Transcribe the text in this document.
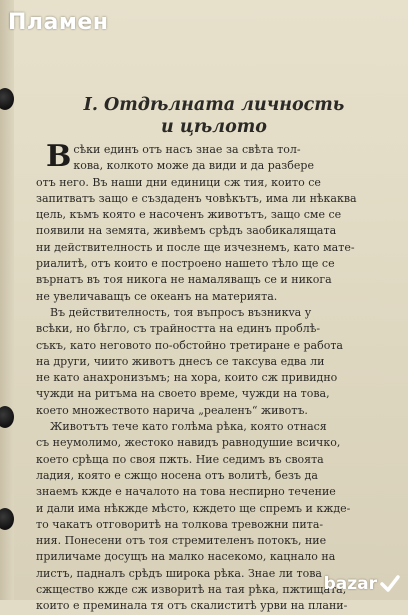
Пламен
I. Отдѣлната личность
и цѣлото
В сѣки единъ отъ насъ знае за свѣта тол-
кова, колкото може да види и да разбере
отъ него. Въ наши дни единици сж тия, които се
запитватъ защо е създаденъ човѣкътъ, има ли нѣкаква
цель, къмъ която е насоченъ животътъ, защо сме се
появили на земята, живѣемъ срѣдъ заобикалящата
ни действителность и после ще изчезнемъ, като мате-
риалитѣ, отъ които е построено нашето тѣло ще се
върнатъ въ тоя никога не намаляващъ се и никога
не увеличаващъ се океанъ на материята.
Въ действителность, тоя въпросъ възникva у
всѣки, но бѣгло, съ трайността на единъ проблѣ-
съкъ, като неговото по-обстойно третиране е работа
на други, чиито животъ днесъ се таксува едва ли
не като анахронизъмъ; на хора, които сж привидно
чужди на ритъма на своето време, чужди на това,
което множеството нарича „реаленъ“ животъ.
Животътъ тече като голѣма рѣка, която отнася
съ неумолимо, жестоко навидъ равнодушие всичко,
което срѣща по своя пжть. Ние седимъ въ своята
ладия, която е сжщо носена отъ волитѣ, безъ да
знаемъ кжде е началото на това неспирно течение
и дали има нѣкжде мѣсто, кждето ще спремъ и кжде-
то чакатъ отговоритѣ на толкова тревожни пита-
ния. Понесени отъ тоя стремителенъ потокъ, ние
приличаме досущъ на малко насекомо, кацнало на
листъ, падналъ срѣдъ широка рѣка. Знае ли това
сжщество кжде сж изворитѣ на тая рѣка, пжтищата,
които е преминала тя отъ скалиститѣ урви на плани-
bazar
